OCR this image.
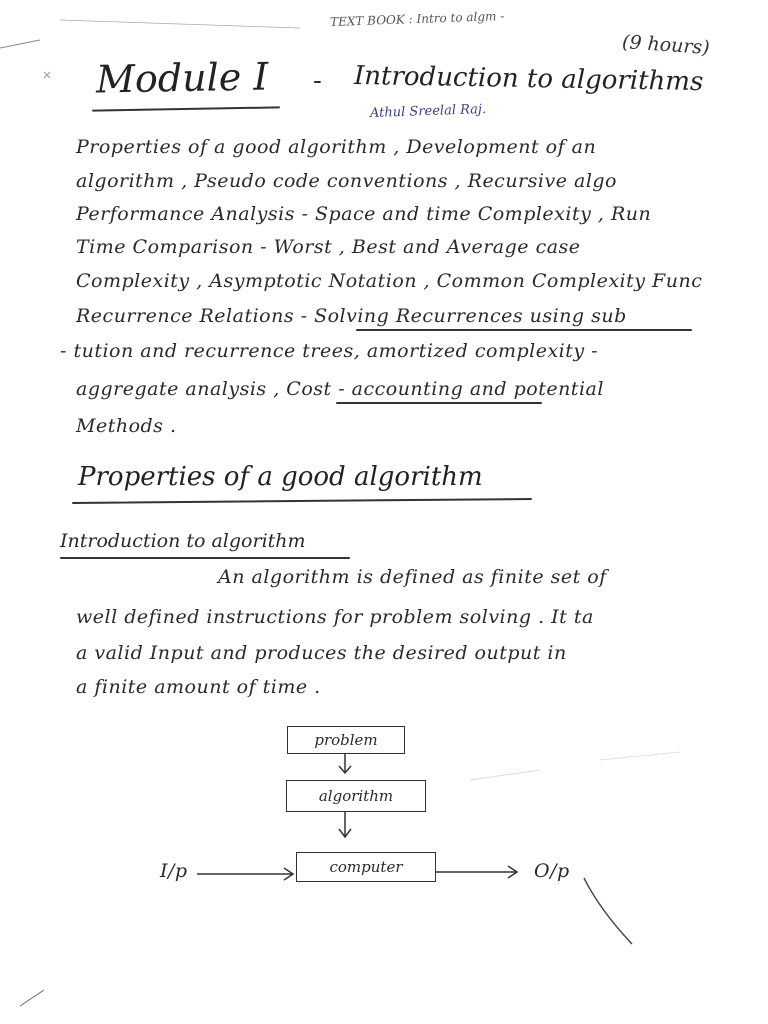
TEXT BOOK : Intro to algm -
(9 hours)
Module I - Introduction to algorithms
Athul Sreelal Raj.
Properties of a good algorithm , Development of an
algorithm , Pseudo code conventions , Recursive algo
Performance Analysis - Space and time Complexity , Run
Time Comparison - Worst , Best and Average case
Complexity , Asymptotic Notation , Common Complexity Func
Recurrence Relations - Solving Recurrences using sub
- tution and recurrence trees, amortized complexity -
aggregate analysis , Cost - accounting and potential
Methods .
Properties of a good algorithm
Introduction to algorithm
An algorithm is defined as finite set of
well defined instructions for problem solving . It ta
a valid Input and produces the desired output in
a finite amount of time .
problem
algorithm
computer
I/p	O/p
